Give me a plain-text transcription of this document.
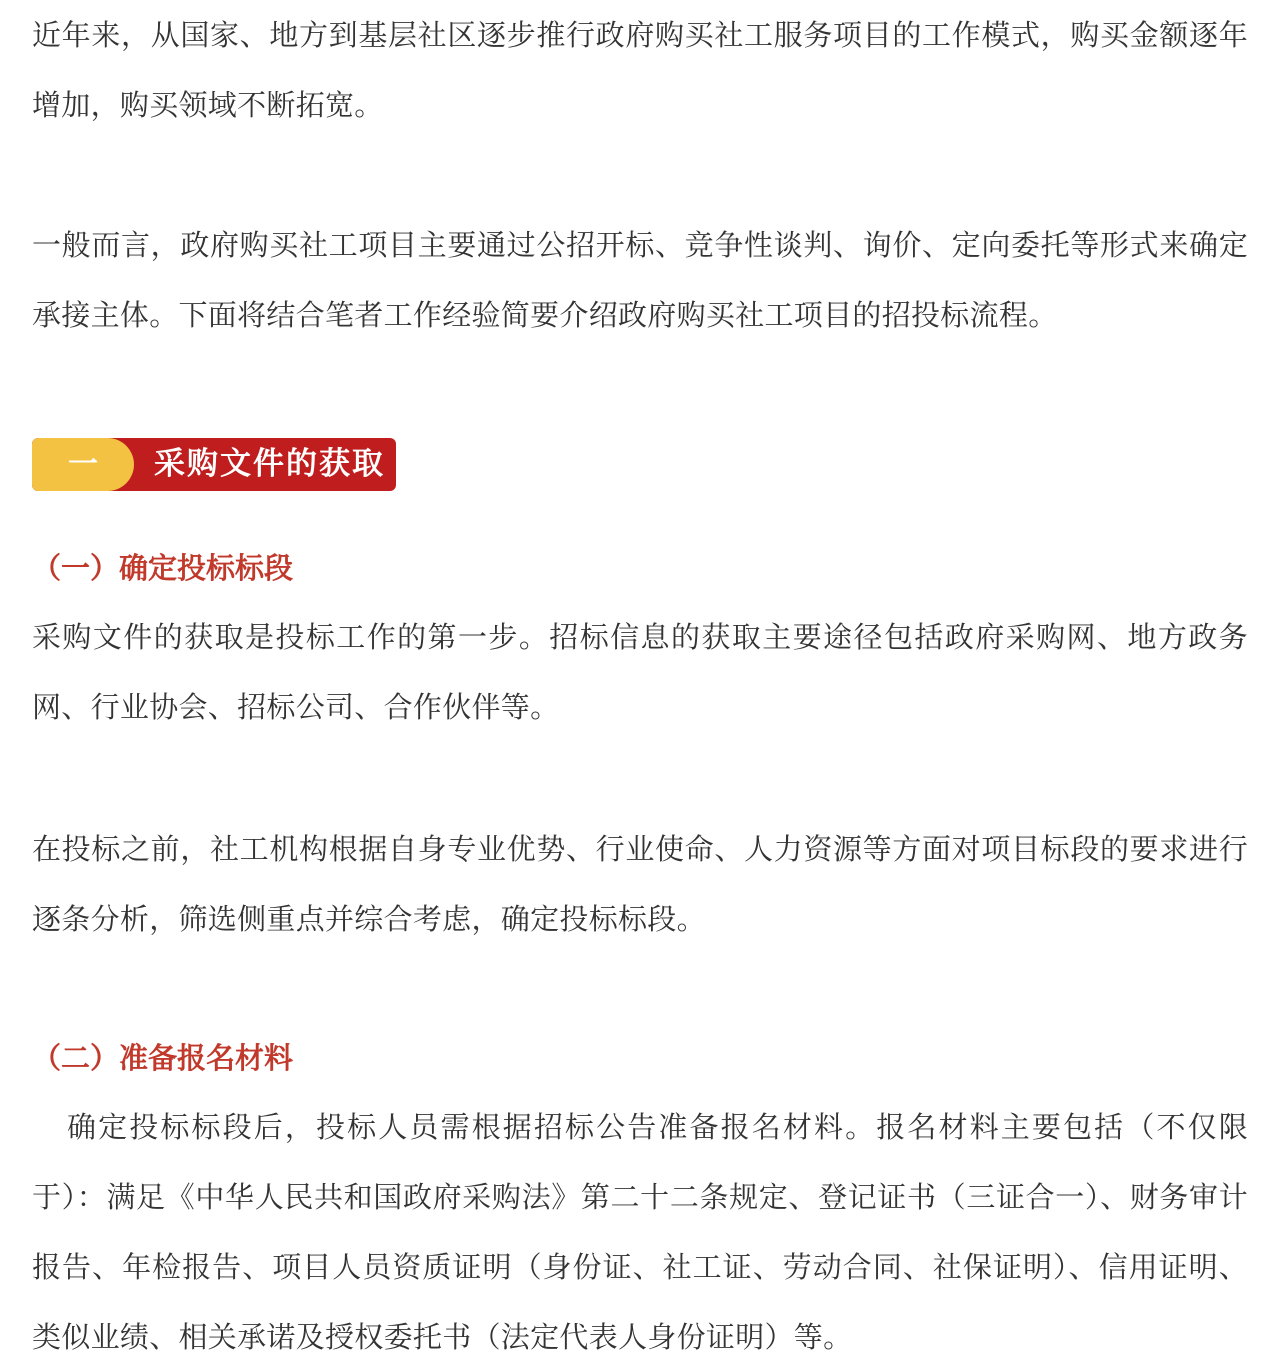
近年来，从国家、地方到基层社区逐步推行政府购买社工服务项目的工作模式，购买金额逐年增加，购买领域不断拓宽。

一般而言，政府购买社工项目主要通过公招开标、竞争性谈判、询价、定向委托等形式来确定承接主体。下面将结合笔者工作经验简要介绍政府购买社工项目的招投标流程。

一	采购文件的获取
（一）确定投标标段

采购文件的获取是投标工作的第一步。招标信息的获取主要途径包括政府采购网、地方政务网、行业协会、招标公司、合作伙伴等。

在投标之前，社工机构根据自身专业优势、行业使命、人力资源等方面对项目标段的要求进行逐条分析，筛选侧重点并综合考虑，确定投标标段。

（二）准备报名材料

确定投标标段后，投标人员需根据招标公告准备报名材料。报名材料主要包括（不仅限于）：满足《中华人民共和国政府采购法》第二十二条规定、登记证书（三证合一）、财务审计报告、年检报告、项目人员资质证明（身份证、社工证、劳动合同、社保证明）、信用证明、类似业绩、相关承诺及授权委托书（法定代表人身份证明）等。
